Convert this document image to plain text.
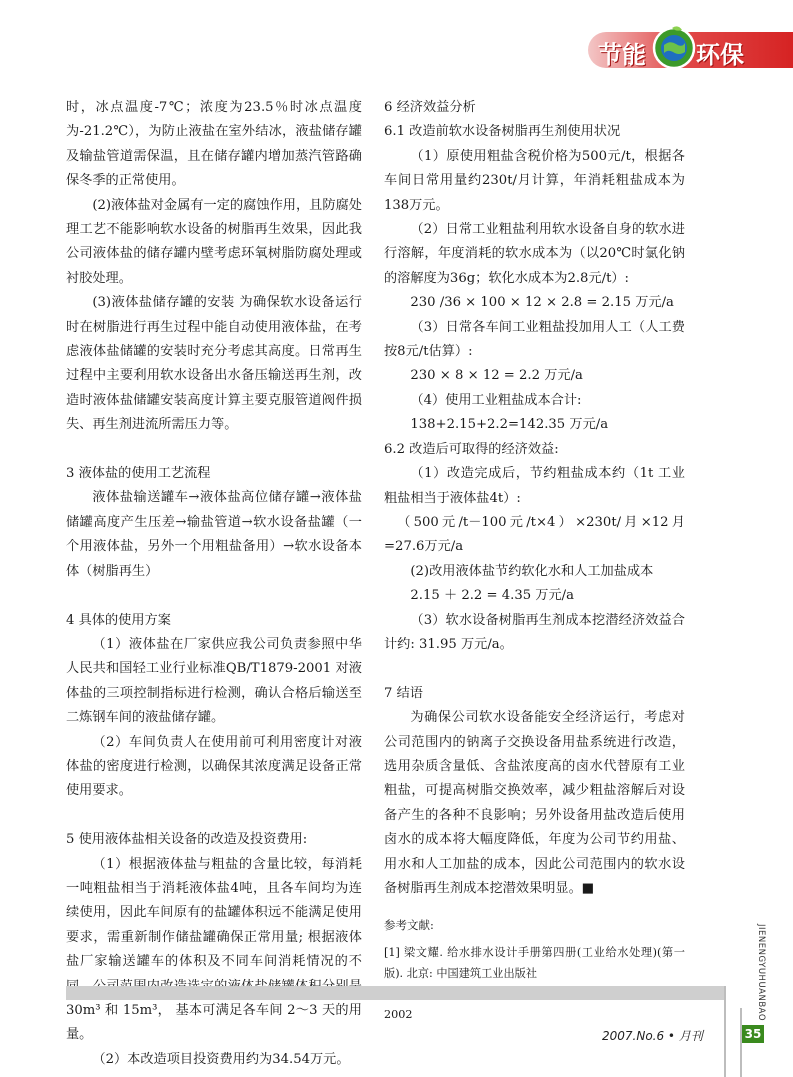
节能 环保

时，冰点温度-7℃；浓度为23.5％时冰点温度为-21.2℃），为防止液盐在室外结冰，液盐储存罐及输盐管道需保温，且在储存罐内增加蒸汽管路确保冬季的正常使用。

(2)液体盐对金属有一定的腐蚀作用，且防腐处理工艺不能影响软水设备的树脂再生效果，因此我公司液体盐的储存罐内壁考虑环氧树脂防腐处理或衬胶处理。

(3)液体盐储存罐的安装 为确保软水设备运行时在树脂进行再生过程中能自动使用液体盐，在考虑液体盐储罐的安装时充分考虑其高度。日常再生过程中主要利用软水设备出水备压输送再生剂，改造时液体盐储罐安装高度计算主要克服管道阀件损失、再生剂进流所需压力等。

3 液体盐的使用工艺流程

液体盐输送罐车→液体盐高位储存罐→液体盐储罐高度产生压差→输盐管道→软水设备盐罐（一个用液体盐，另外一个用粗盐备用）→软水设备本体（树脂再生）

4 具体的使用方案

（1）液体盐在厂家供应我公司负责参照中华人民共和国轻工业行业标准QB/T1879-2001 对液体盐的三项控制指标进行检测，确认合格后输送至二炼钢车间的液盐储存罐。

（2）车间负责人在使用前可利用密度计对液体盐的密度进行检测，以确保其浓度满足设备正常使用要求。

5 使用液体盐相关设备的改造及投资费用:

（1）根据液体盐与粗盐的含量比较，每消耗一吨粗盐相当于消耗液体盐4吨，且各车间均为连续使用，因此车间原有的盐罐体积远不能满足使用要求，需重新制作储盐罐确保正常用量; 根据液体盐厂家输送罐车的体积及不同车间消耗情况的不 30m³ 和 15m³， 基本可满足各车间 2～3 天的用量。

（2）本改造项目投资费用约为34.54万元。

6 经济效益分析

6.1 改造前软水设备树脂再生剂使用状况

（1）原使用粗盐含税价格为500元/t，根据各车间日常用量约230t/月计算，年消耗粗盐成本为138万元。

（2）日常工业粗盐利用软水设备自身的软水进行溶解，年度消耗的软水成本为（以20℃时氯化钠的溶解度为36g；软化水成本为2.8元/t）:

230 /36 × 100 × 12 × 2.8 = 2.15 万元/a

（3）日常各车间工业粗盐投加用人工（人工费按8元/t估算）:

230 × 8 × 12 = 2.2 万元/a

（4）使用工业粗盐成本合计:

138+2.15+2.2=142.35 万元/a

6.2 改造后可取得的经济效益:

（1）改造完成后，节约粗盐成本约（1t 工业粗盐相当于液体盐4t）:

（500元/t－100元/t×4）×230t/月×12月=27.6万元/a

(2)改用液体盐节约软化水和人工加盐成本

2.15 ＋ 2.2 = 4.35 万元/a

（3）软水设备树脂再生剂成本挖潜经济效益合计约: 31.95 万元/a。

7 结语

为确保公司软水设备能安全经济运行，考虑对公司范围内的钠离子交换设备用盐系统进行改造，选用杂质含量低、含盐浓度高的卤水代替原有工业粗盐，可提高树脂交换效率，减少粗盐溶解后对设备产生的各种不良影响；另外设备用盐改造后使用卤水的成本将大幅度降低，年度为公司节约用盐、用水和人工加盐的成本，因此公司范围内的软水设备树脂再生剂成本挖潜效果明显。■

参考文献:

[1] 梁文耀. 给水排水设计手册第四册(工业给水处理)(第一版). 北京: 中国建筑工业出版社

2002	JIENENGYUHUANBAO
2007.No.6 • 月刊	35
